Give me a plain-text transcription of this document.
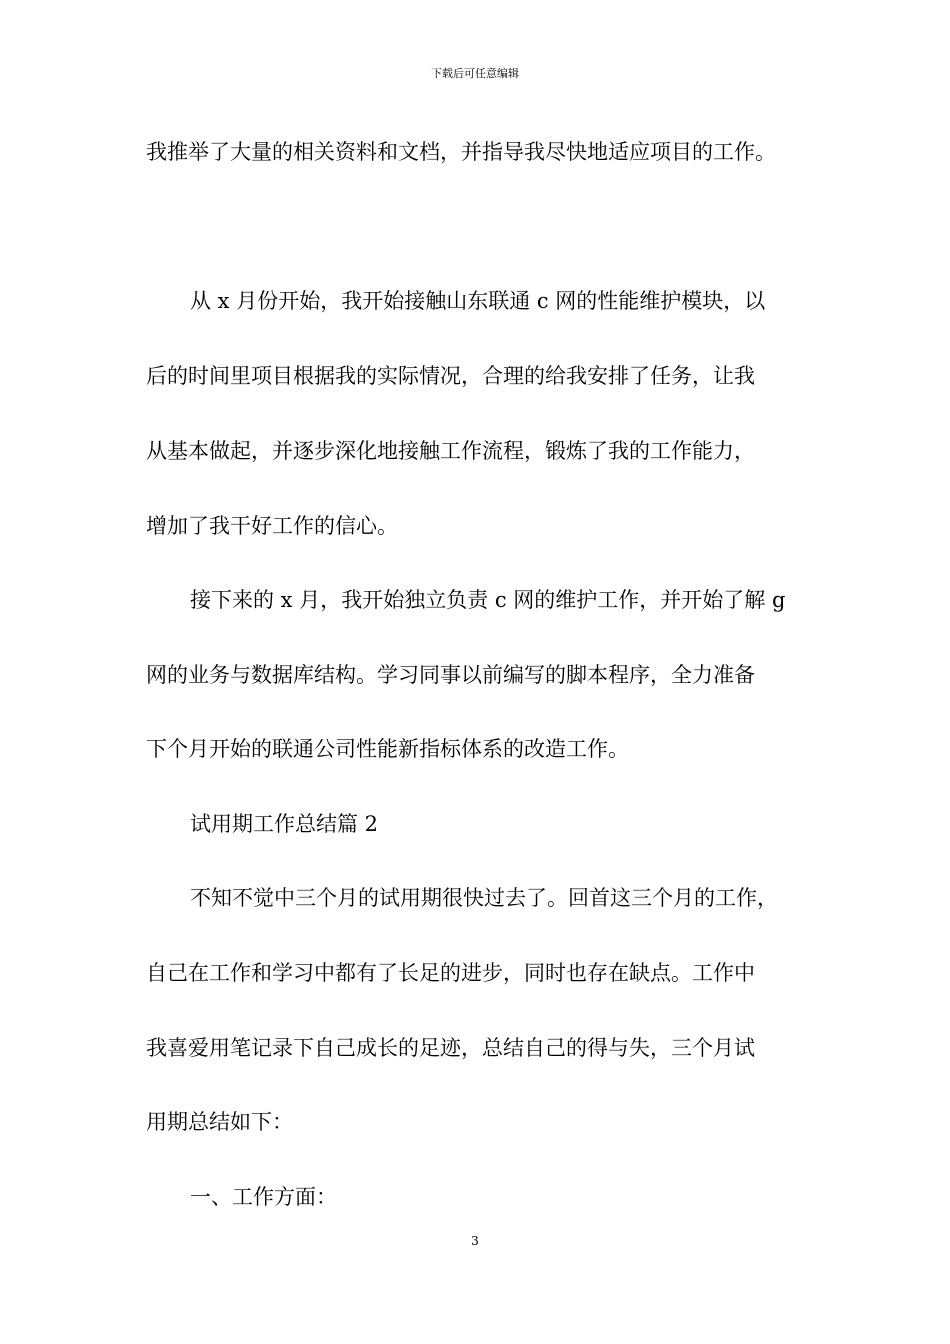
下载后可任意编辑
我推举了大量的相关资料和文档，并指导我尽快地适应项目的工作。
从 x 月份开始，我开始接触山东联通 c 网的性能维护模块，以
后的时间里项目根据我的实际情况，合理的给我安排了任务，让我
从基本做起，并逐步深化地接触工作流程，锻炼了我的工作能力，
增加了我干好工作的信心。
接下来的 x 月，我开始独立负责 c 网的维护工作，并开始了解 g
网的业务与数据库结构。学习同事以前编写的脚本程序，全力准备
下个月开始的联通公司性能新指标体系的改造工作。
试用期工作总结篇 2
不知不觉中三个月的试用期很快过去了。回首这三个月的工作，
自己在工作和学习中都有了长足的进步，同时也存在缺点。工作中
我喜爱用笔记录下自己成长的足迹，总结自己的得与失，三个月试
用期总结如下：
一、工作方面：
3
